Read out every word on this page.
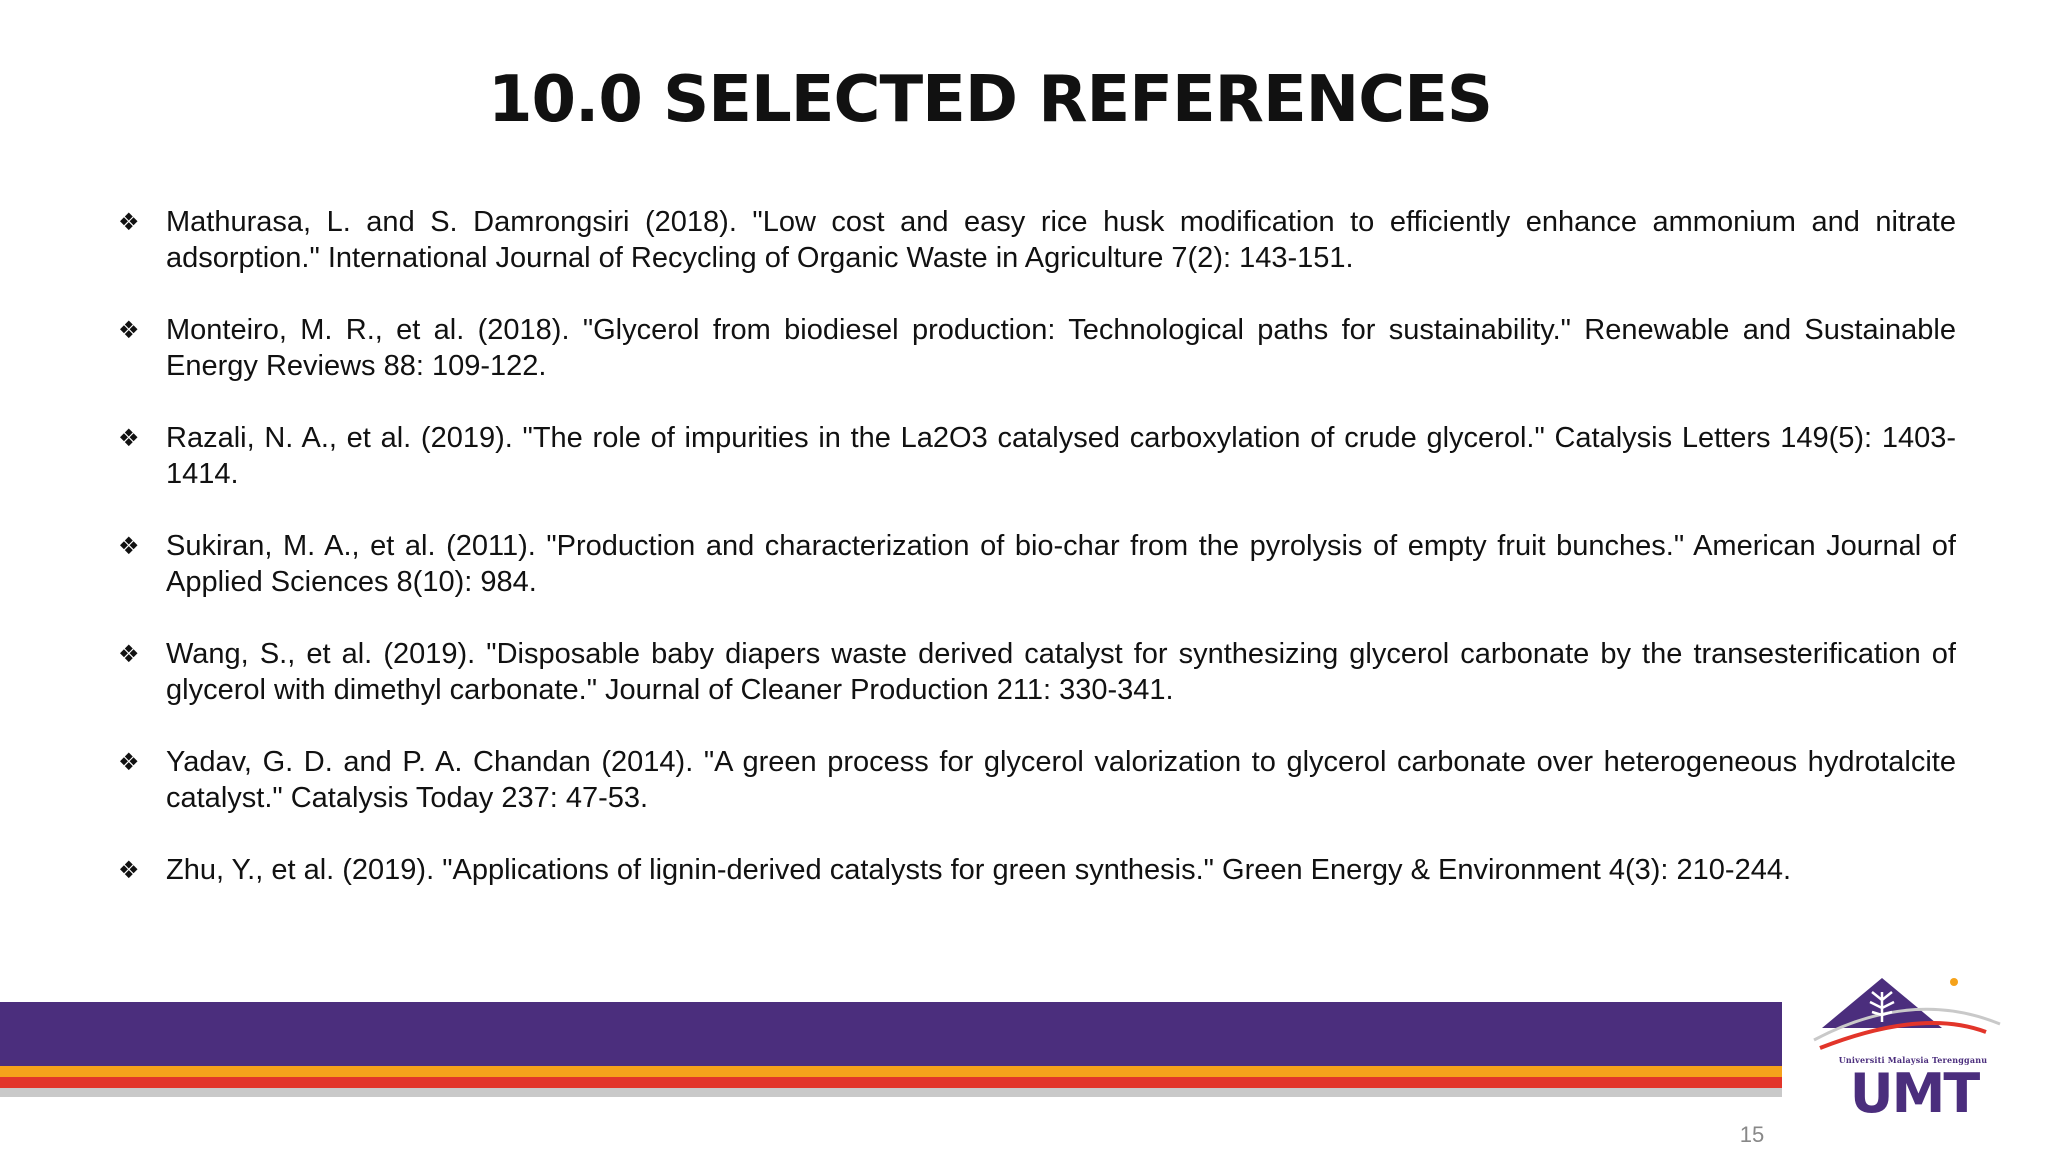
10.0 SELECTED REFERENCES
❖ Mathurasa, L. and S. Damrongsiri (2018). "Low cost and easy rice husk modification to efficiently enhance ammonium and nitrate adsorption." International Journal of Recycling of Organic Waste in Agriculture 7(2): 143-151.
❖ Monteiro, M. R., et al. (2018). "Glycerol from biodiesel production: Technological paths for sustainability." Renewable and Sustainable Energy Reviews 88: 109-122.
❖ Razali, N. A., et al. (2019). "The role of impurities in the La2O3 catalysed carboxylation of crude glycerol." Catalysis Letters 149(5): 1403-1414.
❖ Sukiran, M. A., et al. (2011). "Production and characterization of bio-char from the pyrolysis of empty fruit bunches." American Journal of Applied Sciences 8(10): 984.
❖ Wang, S., et al. (2019). "Disposable baby diapers waste derived catalyst for synthesizing glycerol carbonate by the transesterification of glycerol with dimethyl carbonate." Journal of Cleaner Production 211: 330-341.
❖ Yadav, G. D. and P. A. Chandan (2014). "A green process for glycerol valorization to glycerol carbonate over heterogeneous hydrotalcite catalyst." Catalysis Today 237: 47-53.
❖ Zhu, Y., et al. (2019). "Applications of lignin-derived catalysts for green synthesis." Green Energy & Environment 4(3): 210-244.
Universiti Malaysia Terengganu
UMT
15
